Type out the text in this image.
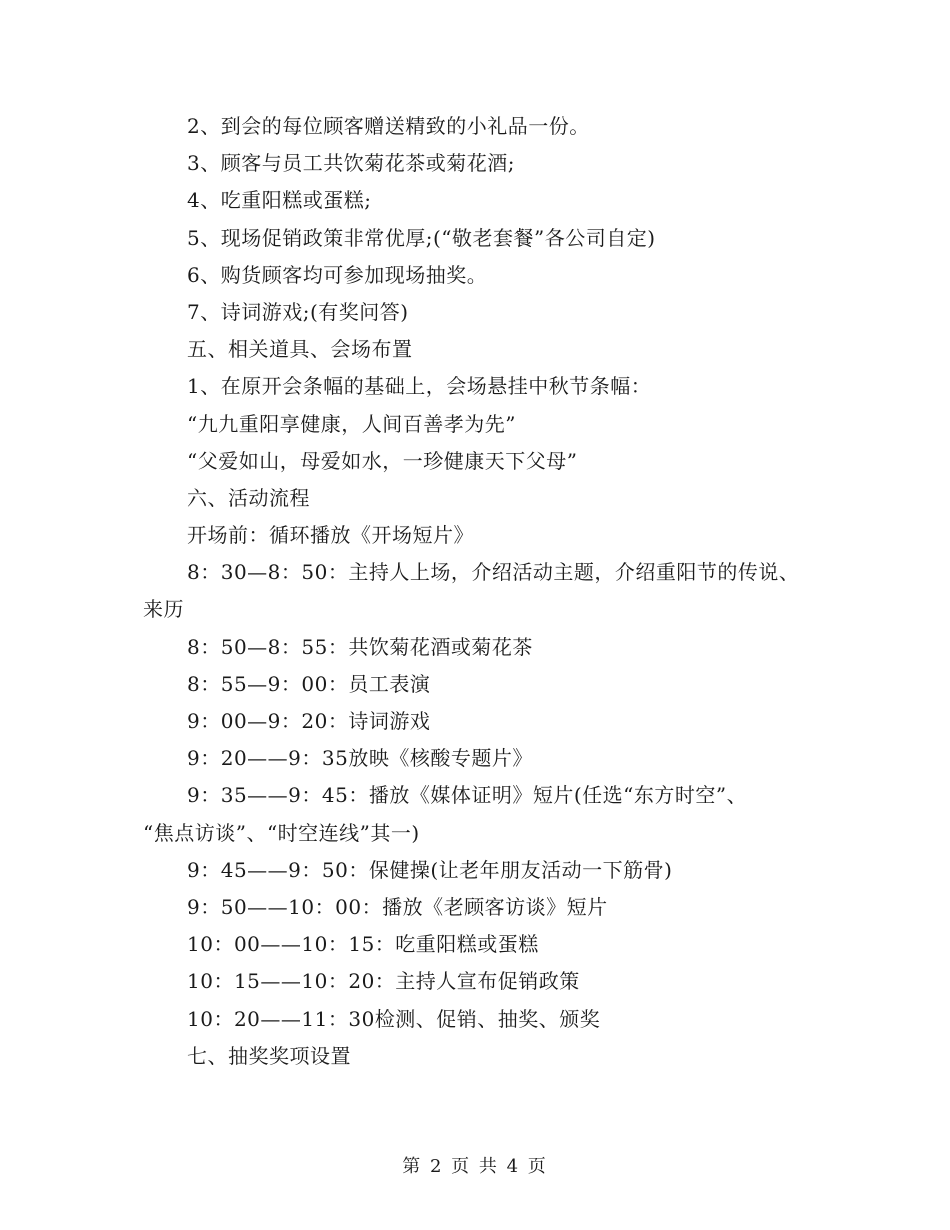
2、到会的每位顾客赠送精致的小礼品一份。
3、顾客与员工共饮菊花茶或菊花酒;
4、吃重阳糕或蛋糕;
5、现场促销政策非常优厚;(“敬老套餐”各公司自定)
6、购货顾客均可参加现场抽奖。
7、诗词游戏;(有奖问答)
五、相关道具、会场布置
1、在原开会条幅的基础上，会场悬挂中秋节条幅：
“九九重阳享健康，人间百善孝为先”
“父爱如山，母爱如水，一珍健康天下父母”
六、活动流程
开场前：循环播放《开场短片》
8：30—8：50：主持人上场，介绍活动主题，介绍重阳节的传说、
来历
8：50—8：55：共饮菊花酒或菊花茶
8：55—9：00：员工表演
9：00—9：20：诗词游戏
9：20——9：35放映《核酸专题片》
9：35——9：45：播放《媒体证明》短片(任选“东方时空”、
“焦点访谈”、“时空连线”其一)
9：45——9：50：保健操(让老年朋友活动一下筋骨)
9：50——10：00：播放《老顾客访谈》短片
10：00——10：15：吃重阳糕或蛋糕
10：15——10：20：主持人宣布促销政策
10：20——11：30检测、促销、抽奖、颁奖
七、抽奖奖项设置
第 2 页 共 4 页
